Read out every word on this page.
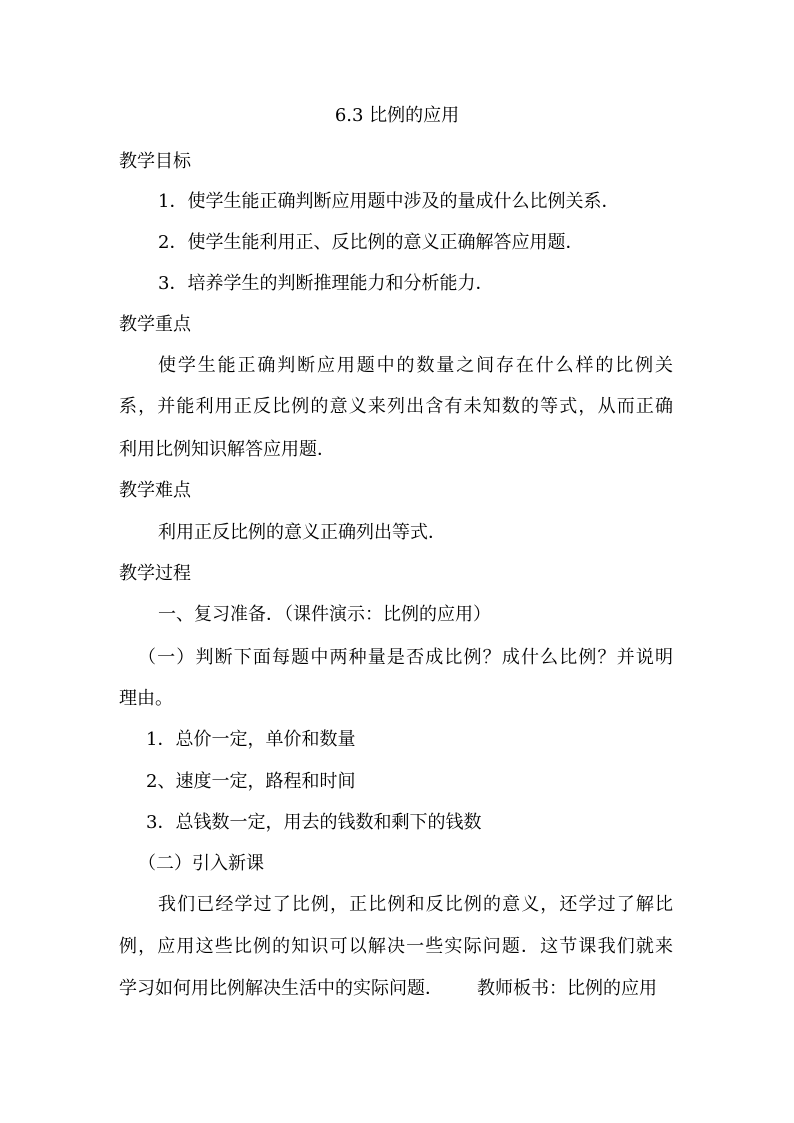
6.3 比例的应用
教学目标
1．使学生能正确判断应用题中涉及的量成什么比例关系．
2．使学生能利用正、反比例的意义正确解答应用题．
3．培养学生的判断推理能力和分析能力．
教学重点
使学生能正确判断应用题中的数量之间存在什么样的比例关
系，并能利用正反比例的意义来列出含有未知数的等式，从而正确
利用比例知识解答应用题．
教学难点
利用正反比例的意义正确列出等式．
教学过程
一、复习准备．（课件演示：比例的应用）
（一）判断下面每题中两种量是否成比例？成什么比例？并说明
理由。
1．总价一定，单价和数量
2、速度一定，路程和时间
3．总钱数一定，用去的钱数和剩下的钱数
（二）引入新课
我们已经学过了比例，正比例和反比例的意义，还学过了解比
例，应用这些比例的知识可以解决一些实际问题．这节课我们就来
学习如何用比例解决生活中的实际问题． 教师板书：比例的应用
